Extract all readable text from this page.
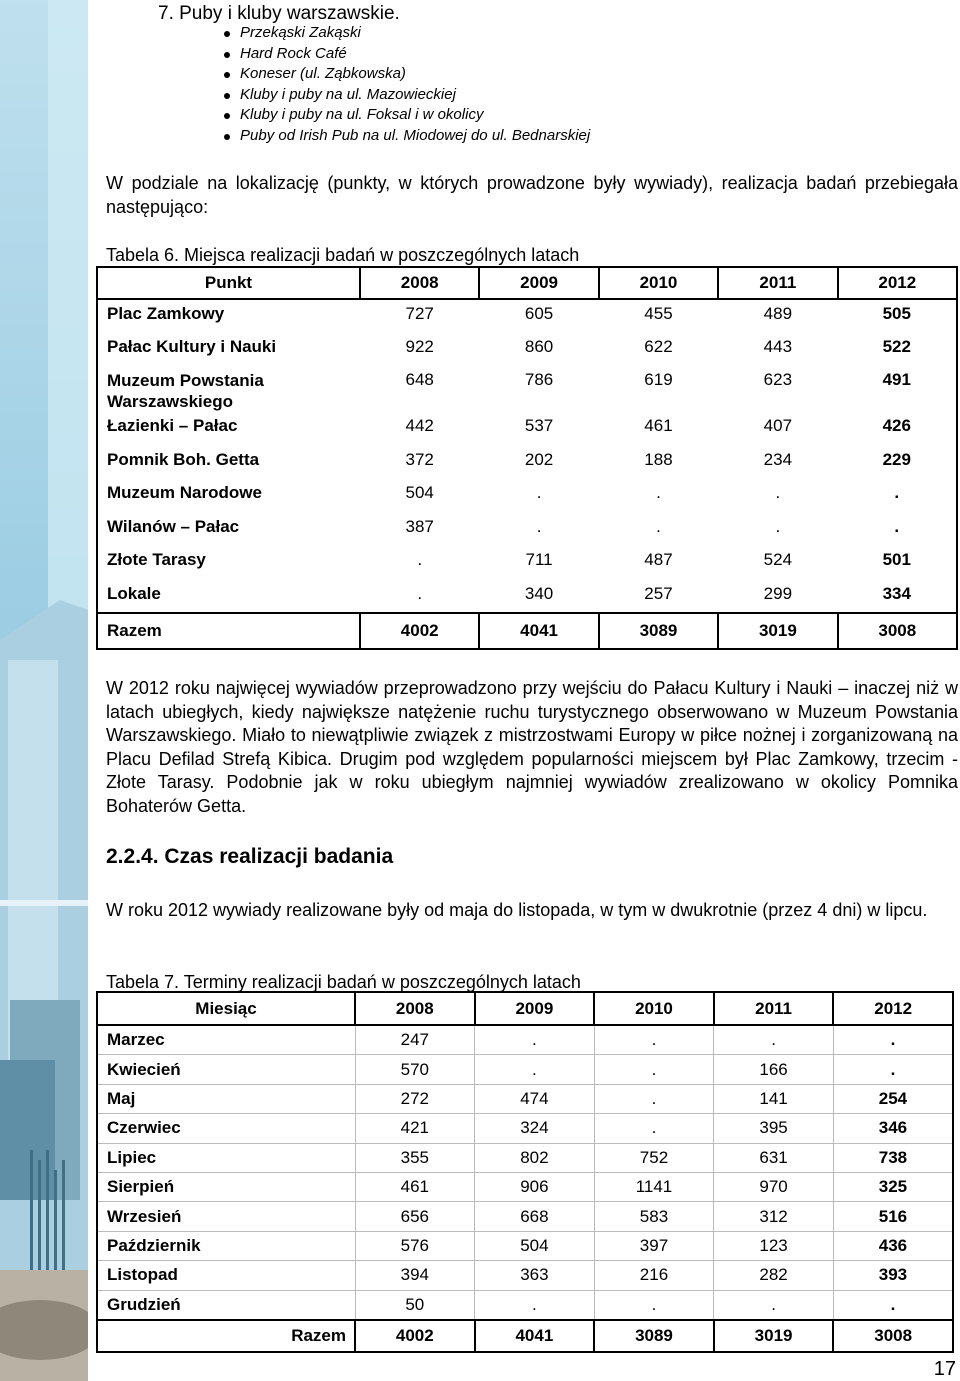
7. Puby i kluby warszawskie.
Przekąski Zakąski
Hard Rock Café
Koneser (ul. Ząbkowska)
Kluby i puby na ul. Mazowieckiej
Kluby i puby na ul. Foksal i w okolicy
Puby od Irish Pub na ul. Miodowej do ul. Bednarskiej
W podziale na lokalizację (punkty, w których prowadzone były wywiady), realizacja badań przebiegała następująco:
Tabela 6. Miejsca realizacji badań w poszczególnych latach
Punkt	2008	2009	2010	2011	2012
Plac Zamkowy	727	605	455	489	505
Pałac Kultury i Nauki	922	860	622	443	522
Muzeum Powstania Warszawskiego	648	786	619	623	491
Łazienki – Pałac	442	537	461	407	426
Pomnik Boh. Getta	372	202	188	234	229
Muzeum Narodowe	504	.	.	.	.
Wilanów – Pałac	387	.	.	.	.
Złote Tarasy	.	711	487	524	501
Lokale	.	340	257	299	334
Razem	4002	4041	3089	3019	3008
W 2012 roku najwięcej wywiadów przeprowadzono przy wejściu do Pałacu Kultury i Nauki – inaczej niż w latach ubiegłych, kiedy największe natężenie ruchu turystycznego obserwowano w Muzeum Powstania Warszawskiego. Miało to niewątpliwie związek z mistrzostwami Europy w piłce nożnej i zorganizowaną na Placu Defilad Strefą Kibica. Drugim pod względem popularności miejscem był Plac Zamkowy, trzecim - Złote Tarasy. Podobnie jak w roku ubiegłym najmniej wywiadów zrealizowano w okolicy Pomnika Bohaterów Getta.
2.2.4. Czas realizacji badania
W roku 2012 wywiady realizowane były od maja do listopada, w tym w dwukrotnie (przez 4 dni) w lipcu.
Tabela 7. Terminy realizacji badań w poszczególnych latach
Miesiąc	2008	2009	2010	2011	2012
Marzec	247	.	.	.	.
Kwiecień	570	.	.	166	.
Maj	272	474	.	141	254
Czerwiec	421	324	.	395	346
Lipiec	355	802	752	631	738
Sierpień	461	906	1141	970	325
Wrzesień	656	668	583	312	516
Październik	576	504	397	123	436
Listopad	394	363	216	282	393
Grudzień	50	.	.	.	.
Razem	4002	4041	3089	3019	3008
17
